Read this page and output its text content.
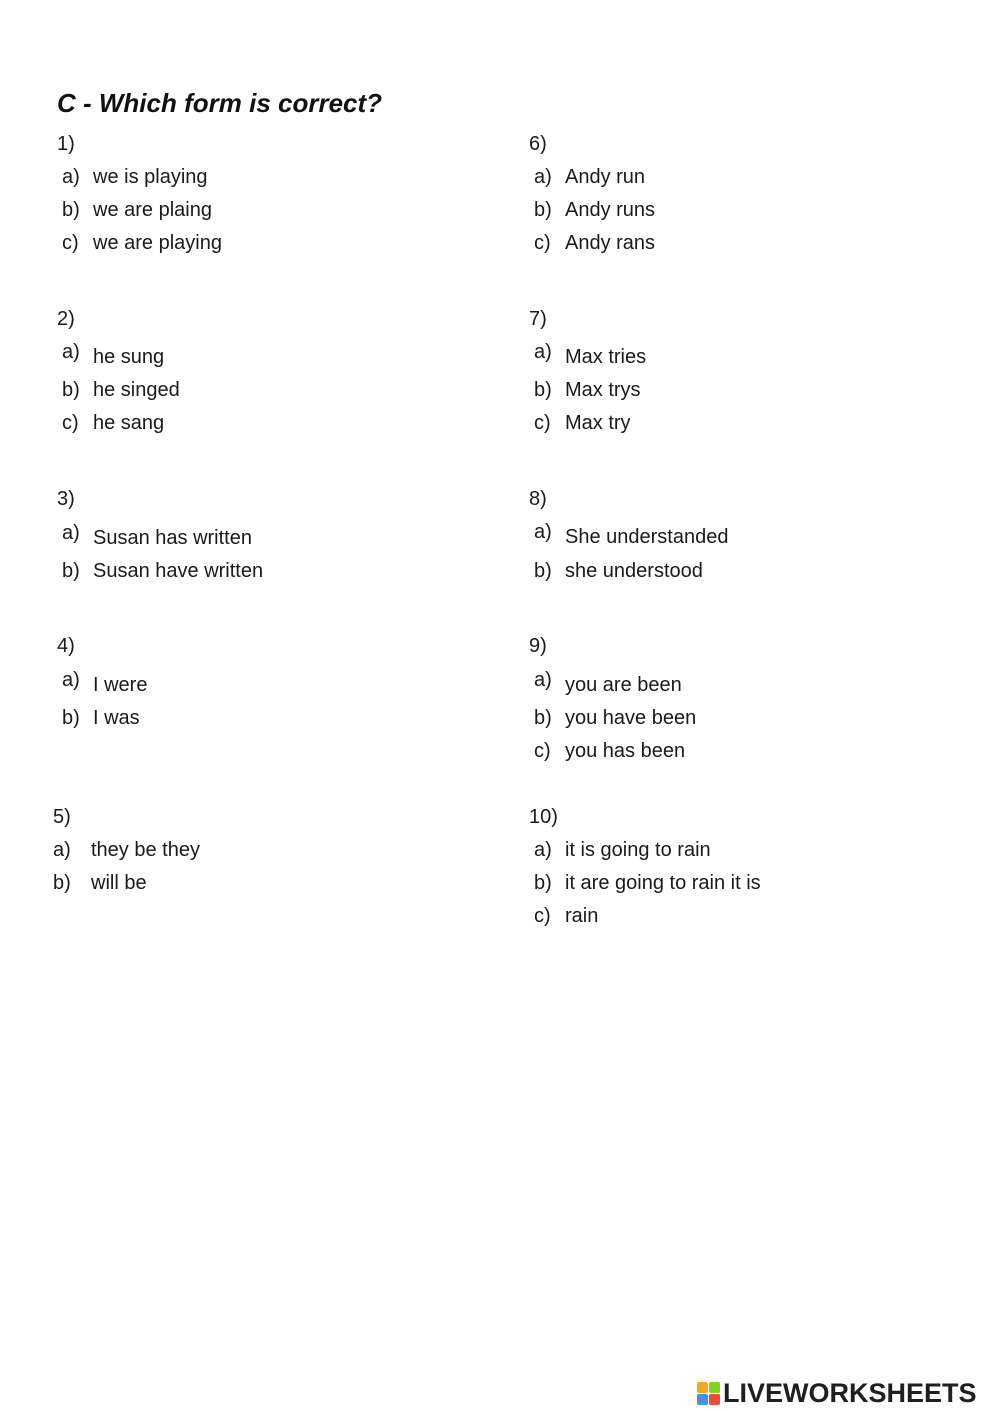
C - Which form is correct?
1)
a) we is playing
b) we are plaing
c) we are playing
2)
a) he sung
b) he singed
c) he sang
3)
a) Susan has written
b) Susan have written
4)
a) I were
b) I was
5)
a) they be they
b) will be
6)
a) Andy run
b) Andy runs
c) Andy rans
7)
a) Max tries
b) Max trys
c) Max try
8)
a) She understanded
b) she understood
9)
a) you are been
b) you have been
c) you has been
10)
a) it is going to rain
b) it are going to rain it is
c) rain
LIVEWORKSHEETS
